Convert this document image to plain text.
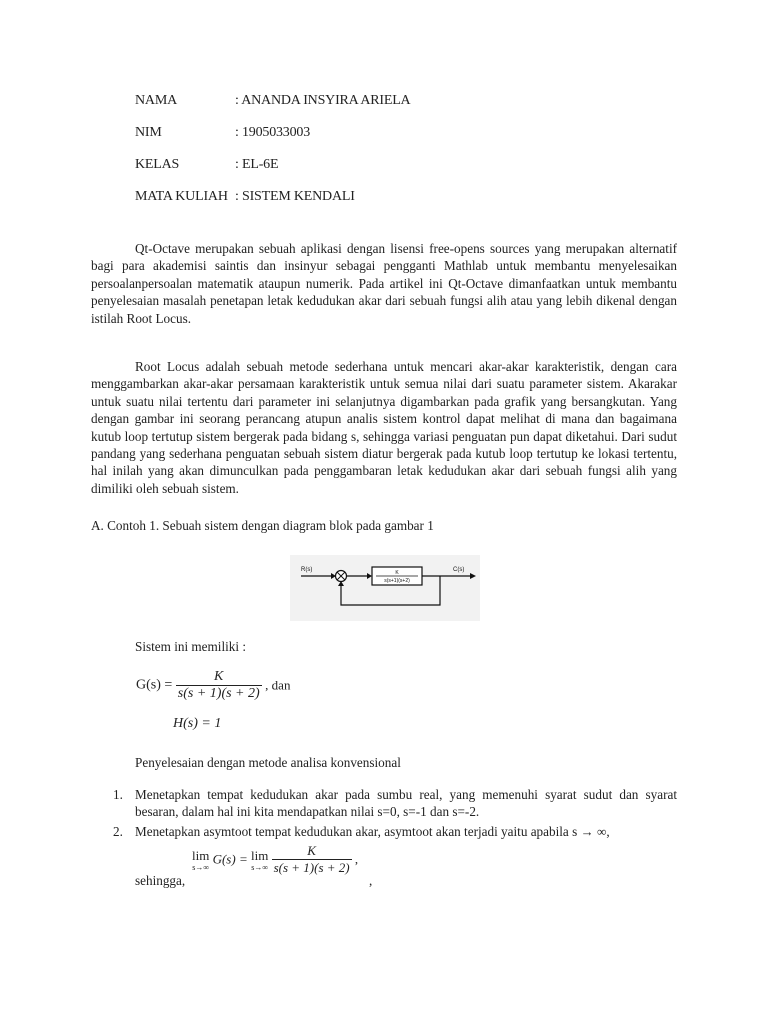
NAMA	: ANANDA INSYIRA ARIELA
NIM	: 1905033003
KELAS	: EL-6E
MATA KULIAH : SISTEM KENDALI

Qt-Octave merupakan sebuah aplikasi dengan lisensi free-opens sources yang merupakan alternatif bagi para akademisi saintis dan insinyur sebagai pengganti Mathlab untuk membantu menyelesaikan persoalanpersoalan matematik ataupun numerik. Pada artikel ini Qt-Octave dimanfaatkan untuk membantu penyelesaian masalah penetapan letak kedudukan akar dari sebuah fungsi alih atau yang lebih dikenal dengan istilah Root Locus.

Root Locus adalah sebuah metode sederhana untuk mencari akar-akar karakteristik, dengan cara menggambarkan akar-akar persamaan karakteristik untuk semua nilai dari suatu parameter sistem. Akarakar untuk suatu nilai tertentu dari parameter ini selanjutnya digambarkan pada grafik yang bersangkutan. Yang dengan gambar ini seorang perancang atupun analis sistem kontrol dapat melihat di mana dan bagaimana kutub loop tertutup sistem bergerak pada bidang s, sehingga variasi penguatan pun dapat diketahui. Dari sudut pandang yang sederhana penguatan sebuah sistem diatur bergerak pada kutub loop tertutup ke lokasi tertentu, hal inilah yang akan dimunculkan pada penggambaran letak kedudukan akar dari sebuah fungsi alih yang dimiliki oleh sebuah sistem.

A. Contoh 1. Sebuah sistem dengan diagram blok pada gambar 1
R(s)	C(s)
K
s(s+1)(s+2)
Sistem ini memiliki :
$G(s) = \frac{K}{s(s + 1)(s + 2)}$ , dan
H(s) = 1
Penyelesaian dengan metode analisa konvensional
1. Menetapkan tempat kedudukan akar pada sumbu real, yang memenuhi syarat sudut dan syarat besaran, dalam hal ini kita mendapatkan nilai s=0, s=-1 dan s=-2.
2. Menetapkan asymtoot tempat kedudukan akar, asymtoot akan terjadi yaitu apabila s → ∞,
sehingga,
lim
s→∞
G(s) = lim
s→∞
$\frac{K}{s(s + 1)(s + 2)}$ ,
,
